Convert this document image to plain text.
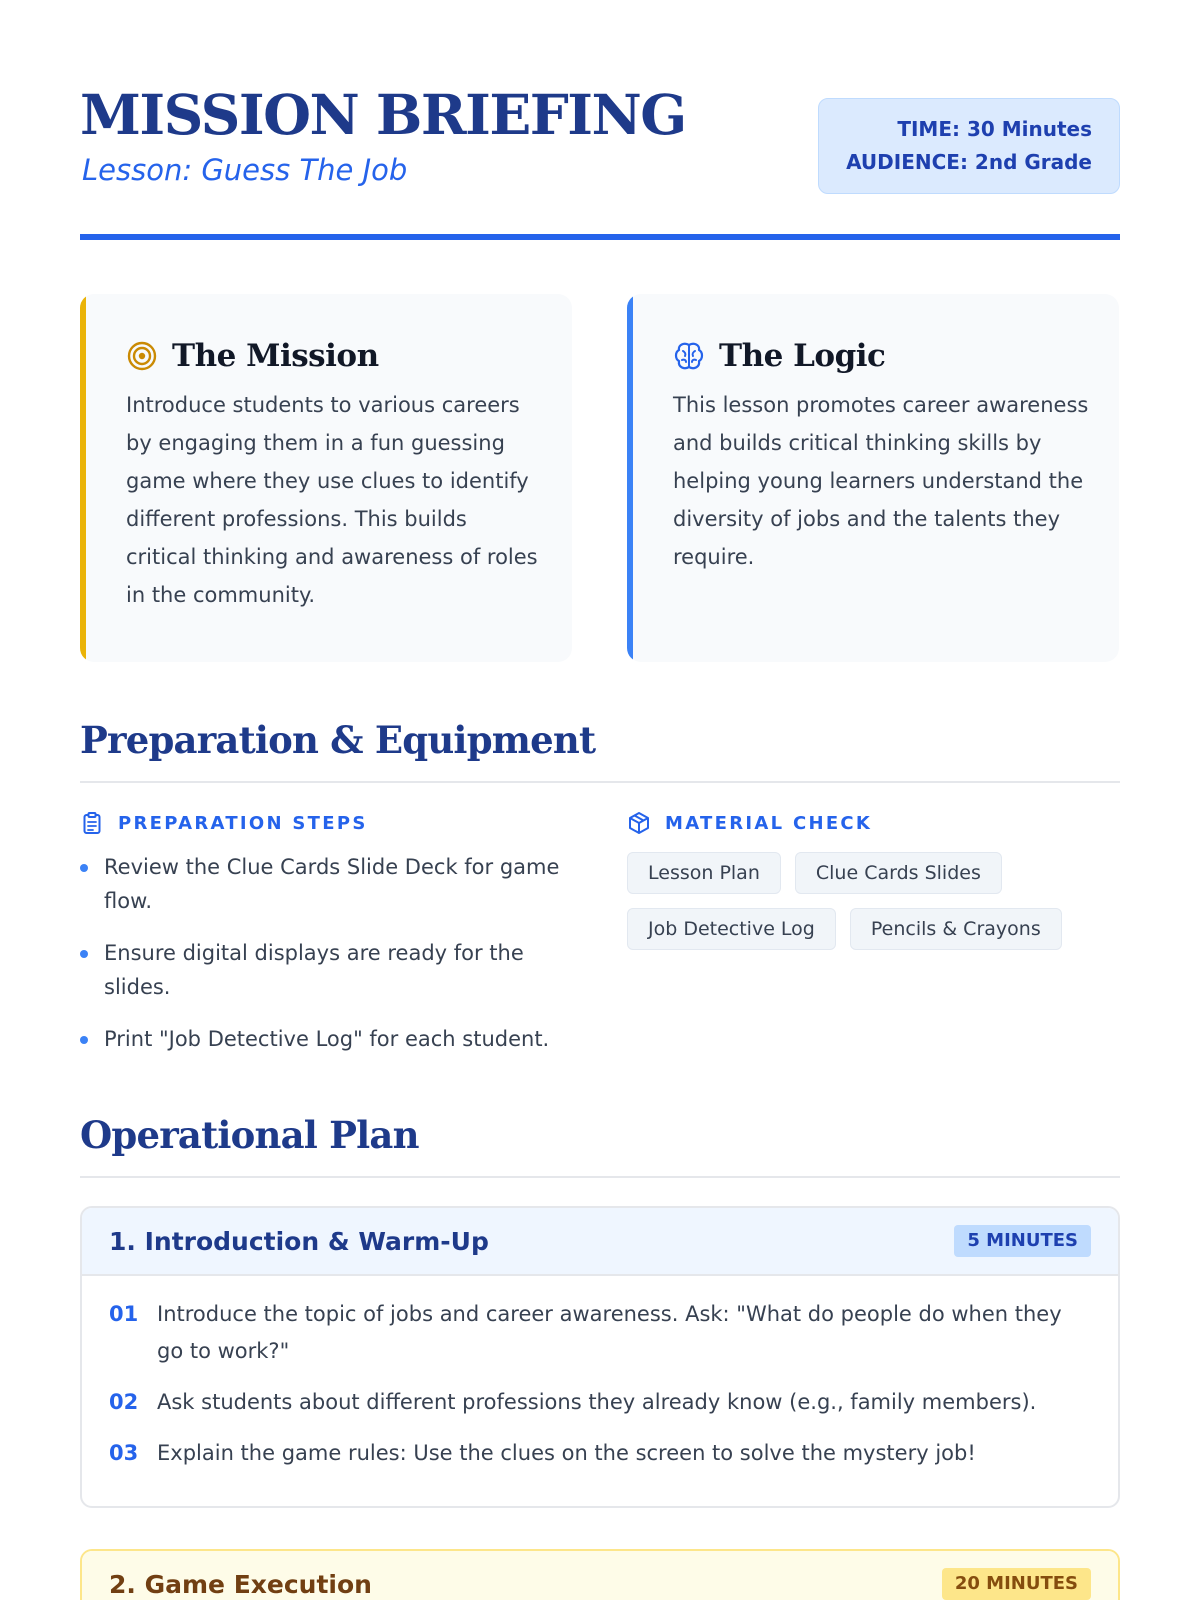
MISSION BRIEFING
Lesson: Guess The Job
TIME: 30 Minutes
AUDIENCE: 2nd Grade
The Mission

Introduce students to various careers by engaging them in a fun guessing game where they use clues to identify different professions. This builds critical thinking and awareness of roles in the community.

The Logic

This lesson promotes career awareness and builds critical thinking skills by helping young learners understand the diversity of jobs and the talents they require.

Preparation & Equipment
PREPARATION STEPS
Review the Clue Cards Slide Deck for game flow.
Ensure digital displays are ready for the slides.
Print "Job Detective Log" for each student.
MATERIAL CHECK
Lesson Plan	Clue Cards Slides
Job Detective Log	Pencils & Crayons
Operational Plan
1. Introduction & Warm-Up	5 MINUTES
01 Introduce the topic of jobs and career awareness. Ask: "What do people do when they go to work?"
02 Ask students about different professions they already know (e.g., family members).
03 Explain the game rules: Use the clues on the screen to solve the mystery job!
2. Game Execution	20 MINUTES
